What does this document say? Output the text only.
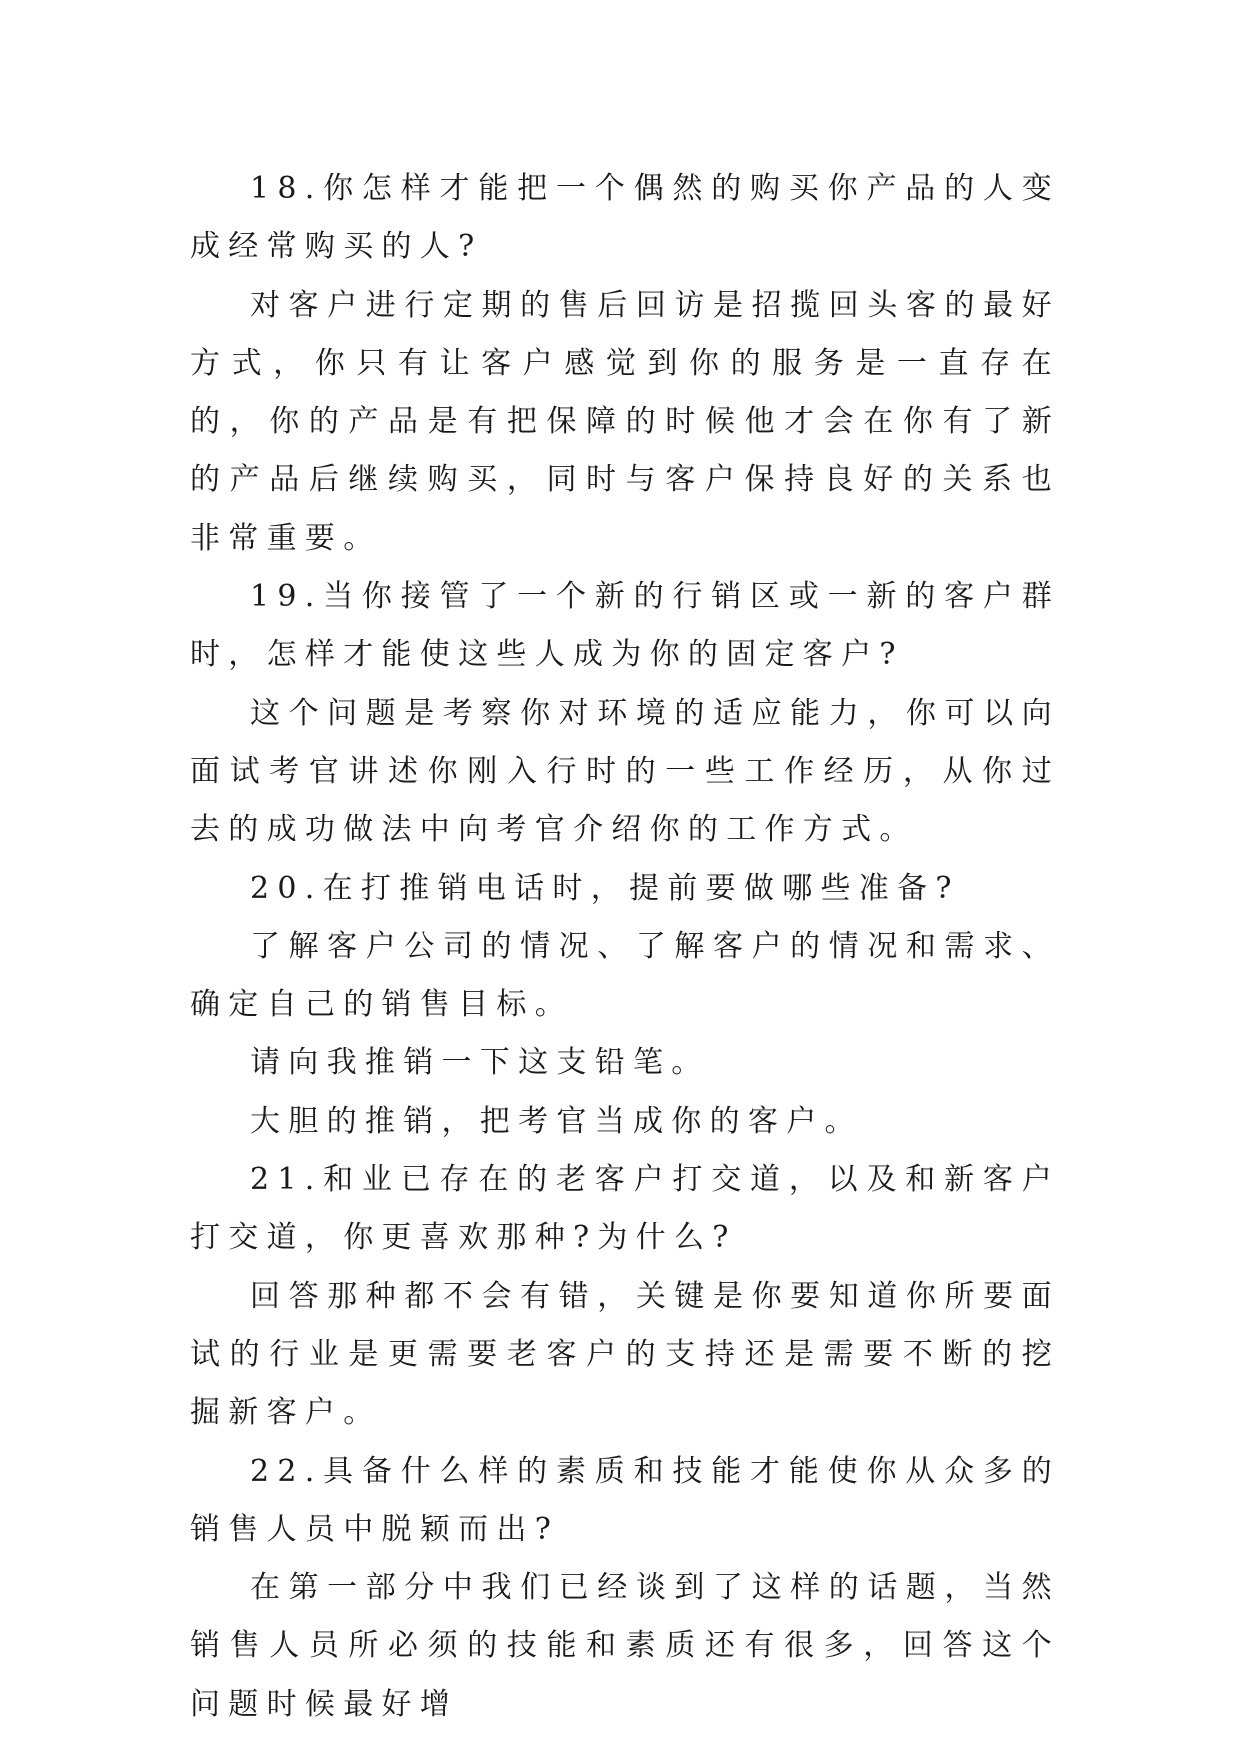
18.你怎样才能把一个偶然的购买你产品的人变成经常购买的人?

对客户进行定期的售后回访是招揽回头客的最好方式，你只有让客户感觉到你的服务是一直存在的，你的产品是有把保障的时候他才会在你有了新的产品后继续购买，同时与客户保持良好的关系也非常重要。

19.当你接管了一个新的行销区或一新的客户群时，怎样才能使这些人成为你的固定客户?

这个问题是考察你对环境的适应能力，你可以向面试考官讲述你刚入行时的一些工作经历，从你过去的成功做法中向考官介绍你的工作方式。

20.在打推销电话时，提前要做哪些准备?

了解客户公司的情况、了解客户的情况和需求、确定自己的销售目标。

请向我推销一下这支铅笔。

大胆的推销，把考官当成你的客户。

21.和业已存在的老客户打交道，以及和新客户打交道，你更喜欢那种?为什么?

回答那种都不会有错，关键是你要知道你所要面试的行业是更需要老客户的支持还是需要不断的挖掘新客户。

22.具备什么样的素质和技能才能使你从众多的销售人员中脱颖而出?

在第一部分中我们已经谈到了这样的话题，当然销售人员所必须的技能和素质还有很多，回答这个问题时候最好增
